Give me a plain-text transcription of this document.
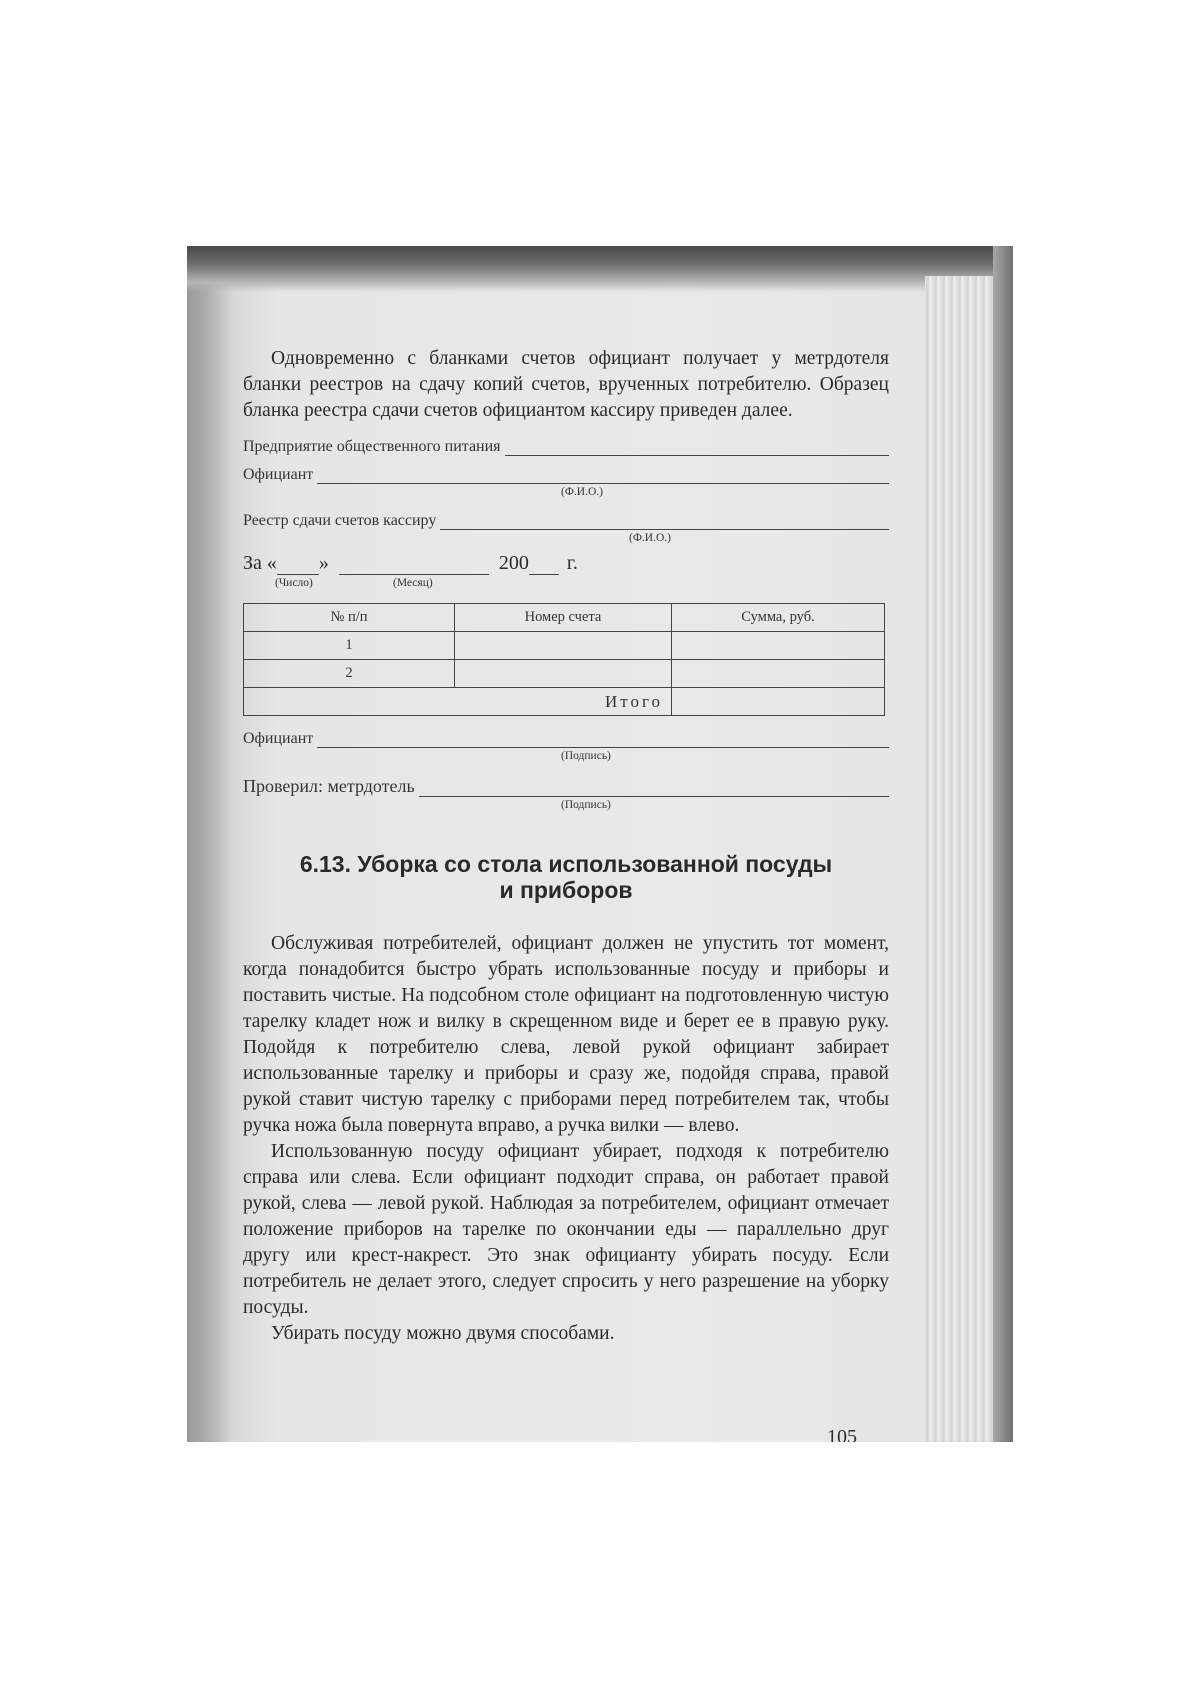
Одновременно с бланками счетов официант получает у метрдотеля бланки реестров на сдачу копий счетов, врученных потребителю. Образец бланка реестра сдачи счетов официантом кассиру приведен далее.

Предприятие общественного питания
Официант
(Ф.И.О.)
Реестр сдачи счетов кассиру
(Ф.И.О.)
За « »	200 г.
(Число)	(Месяц)
№ п/п	Номер счета	Сумма, руб.
1		
2		
Итого		
Официант
(Подпись)
Проверил: метрдотель
(Подпись)
6.13. Уборка со стола использованной посуды
и приборов

Обслуживая потребителей, официант должен не упустить тот момент, когда понадобится быстро убрать использованные посуду и приборы и поставить чистые. На подсобном столе официант на подготовленную чистую тарелку кладет нож и вилку в скрещенном виде и берет ее в правую руку. Подойдя к потребителю слева, левой рукой официант забирает использованные тарелку и приборы и сразу же, подойдя справа, правой рукой ставит чистую тарелку с приборами перед потребителем так, чтобы ручка ножа была повернута вправо, а ручка вилки — влево.

Использованную посуду официант убирает, подходя к потребителю справа или слева. Если официант подходит справа, он работает правой рукой, слева — левой рукой. Наблюдая за потребителем, официант отмечает положение приборов на тарелке по окончании еды — параллельно друг другу или крест-накрест. Это знак официанту убирать посуду. Если потребитель не делает этого, следует спросить у него разрешение на уборку посуды.

Убирать посуду можно двумя способами.

105
